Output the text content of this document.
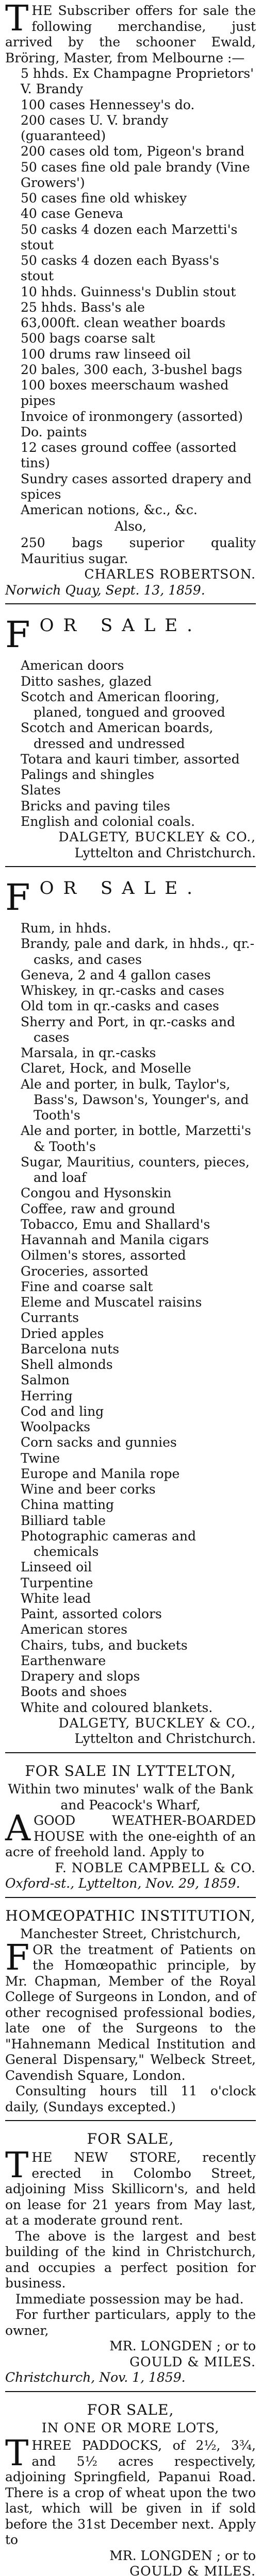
THE Subscriber offers for sale the following merchandise, just arrived by the schooner Ewald, Bröring, Master, from Melbourne :—
5 hhds. Ex Champagne Proprietors' V. Brandy
100 cases Hennessey's do.
200 cases U. V. brandy (guaranteed)
200 cases old tom, Pigeon's brand
50 cases fine old pale brandy (Vine Growers')
50 cases fine old whiskey
40 case Geneva
50 casks 4 dozen each Marzetti's stout
50 casks 4 dozen each Byass's stout
10 hhds. Guinness's Dublin stout
25 hhds. Bass's ale
63,000ft. clean weather boards
500 bags coarse salt
100 drums raw linseed oil
20 bales, 300 each, 3-bushel bags
100 boxes meerschaum washed pipes
Invoice of ironmongery (assorted)
Do. paints
12 cases ground coffee (assorted tins)
Sundry cases assorted drapery and spices
American notions, &c., &c.
Also,
250 bags superior quality Mauritius sugar.
CHARLES ROBERTSON.
Norwich Quay, Sept. 13, 1859.
$F^{OR SALE.}$
American doors
Ditto sashes, glazed
Scotch and American flooring, planed, tongued and grooved
Scotch and American boards, dressed and undressed
Totara and kauri timber, assorted
Palings and shingles
Slates
Bricks and paving tiles
English and colonial coals.
DALGETY, BUCKLEY & CO.,
Lyttelton and Christchurch.
$F^{OR SALE.}$
Rum, in hhds.
Brandy, pale and dark, in hhds., qr.-casks, and cases
Geneva, 2 and 4 gallon cases
Whiskey, in qr.-casks and cases
Old tom in qr.-casks and cases
Sherry and Port, in qr.-casks and cases
Marsala, in qr.-casks
Claret, Hock, and Moselle
Ale and porter, in bulk, Taylor's, Bass's, Dawson's, Younger's, and Tooth's
Ale and porter, in bottle, Marzetti's & Tooth's
Sugar, Mauritius, counters, pieces, and loaf
Congou and Hysonskin
Coffee, raw and ground
Tobacco, Emu and Shallard's
Havannah and Manila cigars
Oilmen's stores, assorted
Groceries, assorted
Fine and coarse salt
Eleme and Muscatel raisins
Currants
Dried apples
Barcelona nuts
Shell almonds
Salmon
Herring
Cod and ling
Woolpacks
Corn sacks and gunnies
Twine
Europe and Manila rope
Wine and beer corks
China matting
Billiard table
Photographic cameras and chemicals
Linseed oil
Turpentine
White lead
Paint, assorted colors
American stores
Chairs, tubs, and buckets
Earthenware
Drapery and slops
Boots and shoes
White and coloured blankets.
DALGETY, BUCKLEY & CO.,
Lyttelton and Christchurch.
FOR SALE IN LYTTELTON,
Within two minutes' walk of the Bank and Peacock's Wharf,
AGOOD WEATHER-BOARDED HOUSE with the one-eighth of an acre of freehold land. Apply to
F. NOBLE CAMPBELL & CO.
Oxford-st., Lyttelton, Nov. 29, 1859.
HOMŒOPATHIC INSTITUTION,
Manchester Street, Christchurch,
FOR the treatment of Patients on the Homœopathic principle, by Mr. Chapman, Member of the Royal College of Surgeons in London, and of other recognised professional bodies, late one of the Surgeons to the "Hahnemann Medical Institution and General Dispensary," Welbeck Street, Cavendish Square, London.
Consulting hours till 11 o'clock daily, (Sundays excepted.)
FOR SALE,
THE NEW STORE, recently erected in Colombo Street, adjoining Miss Skillicorn's, and held on lease for 21 years from May last, at a moderate ground rent.
The above is the largest and best building of the kind in Christchurch, and occupies a perfect position for business.
Immediate possession may be had.
For further particulars, apply to the owner,
MR. LONGDEN ; or to
GOULD & MILES.
Christchurch, Nov. 1, 1859.
FOR SALE,
IN ONE OR MORE LOTS,
THREE PADDOCKS, of 2½, 3¾, and 5½ acres respectively, adjoining Springfield, Papanui Road. There is a crop of wheat upon the two last, which will be given in if sold before the 31st December next. Apply to
MR. LONGDEN ; or to
GOULD & MILES.
